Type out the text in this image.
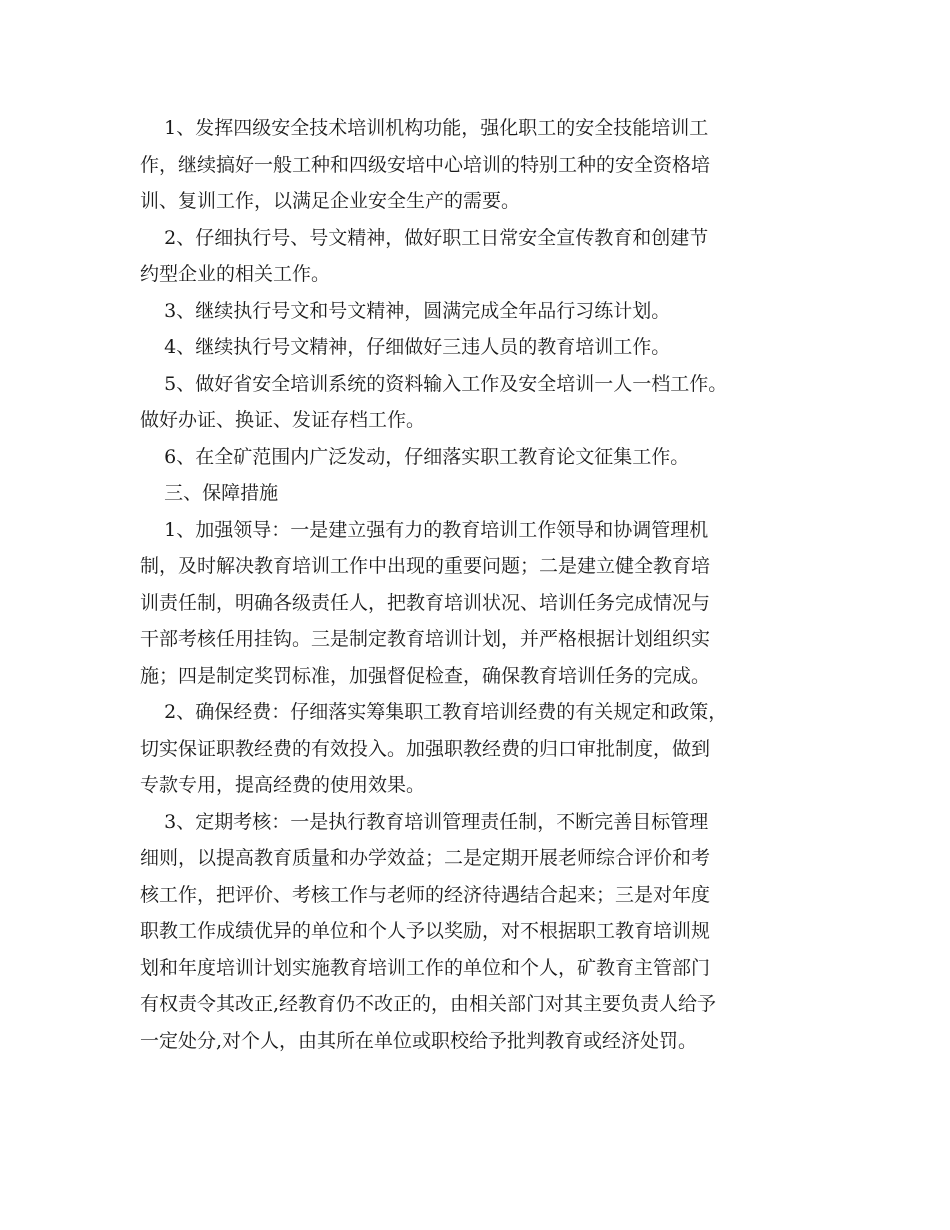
1、发挥四级安全技术培训机构功能，强化职工的安全技能培训工

作，继续搞好一般工种和四级安培中心培训的特别工种的安全资格培

训、复训工作，以满足企业安全生产的需要。

2、仔细执行号、号文精神，做好职工日常安全宣传教育和创建节

约型企业的相关工作。

3、继续执行号文和号文精神，圆满完成全年品行习练计划。

4、继续执行号文精神，仔细做好三违人员的教育培训工作。

5、做好省安全培训系统的资料输入工作及安全培训一人一档工作。

做好办证、换证、发证存档工作。

6、在全矿范围内广泛发动，仔细落实职工教育论文征集工作。

三、保障措施

1、加强领导：一是建立强有力的教育培训工作领导和协调管理机

制，及时解决教育培训工作中出现的重要问题；二是建立健全教育培

训责任制，明确各级责任人，把教育培训状况、培训任务完成情况与

干部考核任用挂钩。三是制定教育培训计划，并严格根据计划组织实

施；四是制定奖罚标准，加强督促检查，确保教育培训任务的完成。

2、确保经费：仔细落实筹集职工教育培训经费的有关规定和政策，

切实保证职教经费的有效投入。加强职教经费的归口审批制度，做到

专款专用，提高经费的使用效果。

3、定期考核：一是执行教育培训管理责任制，不断完善目标管理

细则，以提高教育质量和办学效益；二是定期开展老师综合评价和考

核工作，把评价、考核工作与老师的经济待遇结合起来；三是对年度

职教工作成绩优异的单位和个人予以奖励，对不根据职工教育培训规

划和年度培训计划实施教育培训工作的单位和个人，矿教育主管部门

有权责令其改正,经教育仍不改正的，由相关部门对其主要负责人给予

一定处分,对个人，由其所在单位或职校给予批判教育或经济处罚。
